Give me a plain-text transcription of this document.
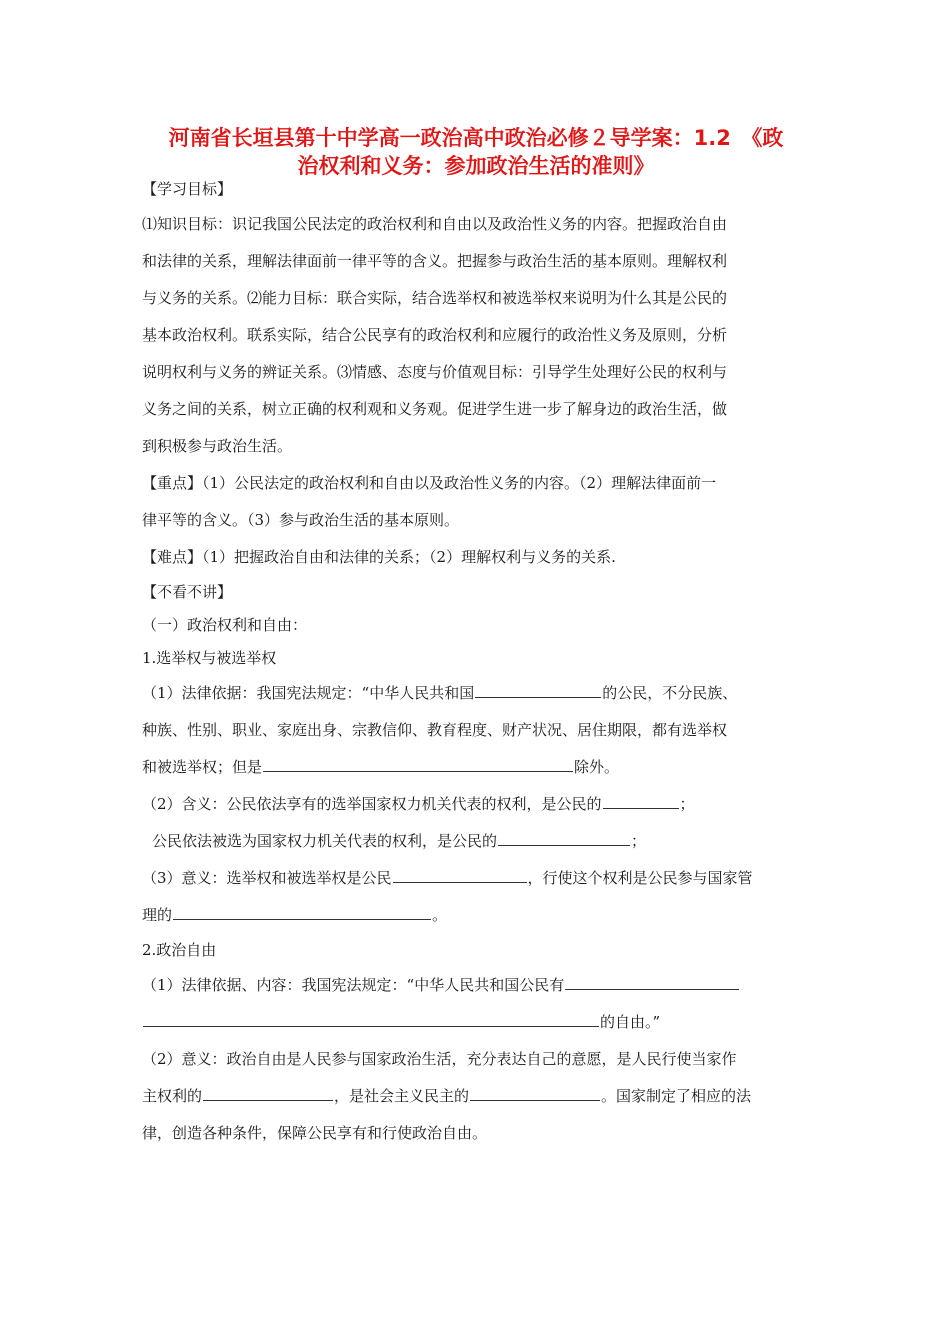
河南省长垣县第十中学高一政治高中政治必修２导学案：1.2　《政
治权利和义务：参加政治生活的准则》
【学习目标】
⑴知识目标：识记我国公民法定的政治权利和自由以及政治性义务的内容。把握政治自由
和法律的关系，理解法律面前一律平等的含义。把握参与政治生活的基本原则。理解权利
与义务的关系。⑵能力目标：联合实际，结合选举权和被选举权来说明为什么其是公民的
基本政治权利。联系实际，结合公民享有的政治权利和应履行的政治性义务及原则，分析
说明权利与义务的辨证关系。⑶情感、态度与价值观目标：引导学生处理好公民的权利与
义务之间的关系，树立正确的权利观和义务观。促进学生进一步了解身边的政治生活，做
到积极参与政治生活。
【重点】（1）公民法定的政治权利和自由以及政治性义务的内容。（2）理解法律面前一
律平等的含义。（3）参与政治生活的基本原则。
【难点】（1）把握政治自由和法律的关系；（2）理解权利与义务的关系.
【不看不讲】
（一）政治权利和自由：
1.选举权与被选举权
（1）法律依据：我国宪法规定：“中华人民共和国	的公民，不分民族、
种族、性别、职业、家庭出身、宗教信仰、教育程度、财产状况、居住期限，都有选举权
和被选举权；但是	除外。
（2）含义：公民依法享有的选举国家权力机关代表的权利，是公民的	；
公民依法被选为国家权力机关代表的权利，是公民的	；
（3）意义：选举权和被选举权是公民	，行使这个权利是公民参与国家管
理的	。
2.政治自由
（1）法律依据、内容：我国宪法规定：“中华人民共和国公民有
的自由。”
（2）意义：政治自由是人民参与国家政治生活，充分表达自己的意愿，是人民行使当家作
主权利的	，是社会主义民主的	。国家制定了相应的法
律，创造各种条件，保障公民享有和行使政治自由。
